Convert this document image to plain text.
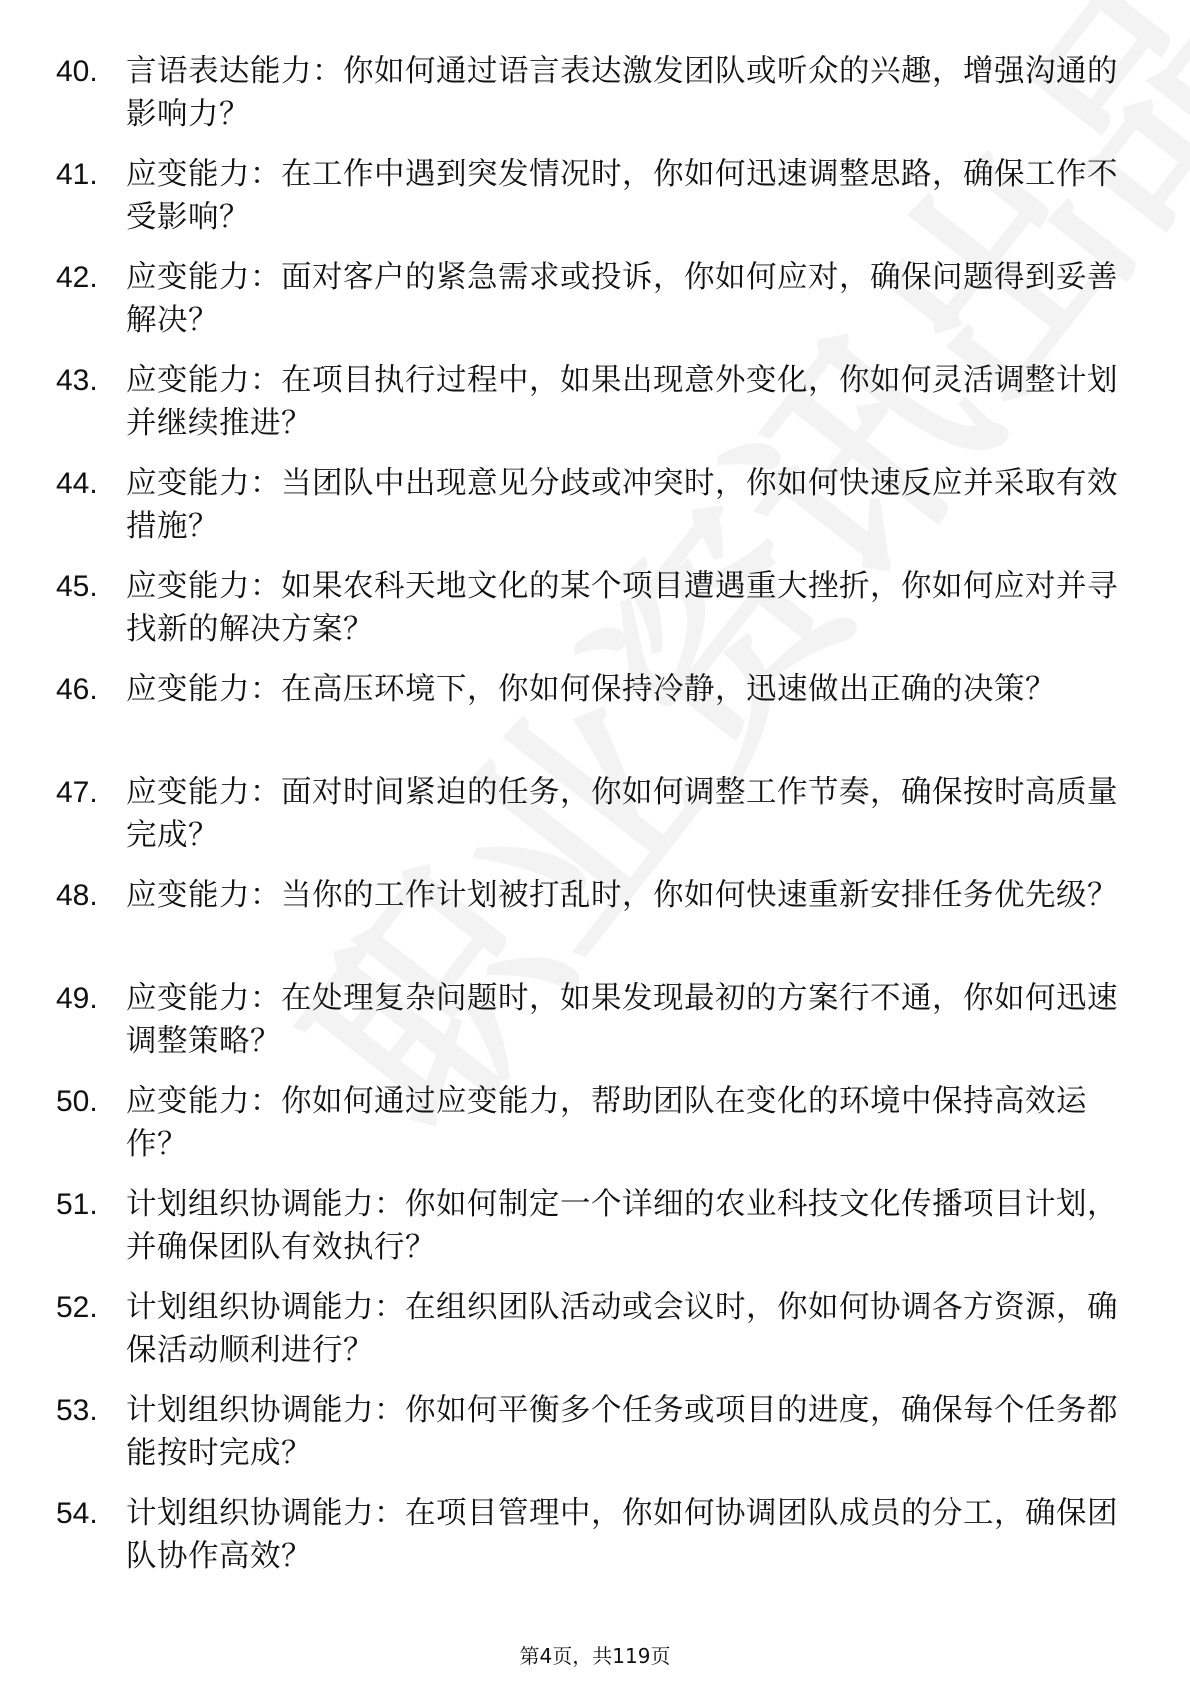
40. 言语表达能力：你如何通过语言表达激发团队或听众的兴趣，增强沟通的影响力？
41. 应变能力：在工作中遇到突发情况时，你如何迅速调整思路，确保工作不受影响？
42. 应变能力：面对客户的紧急需求或投诉，你如何应对，确保问题得到妥善解决？
43. 应变能力：在项目执行过程中，如果出现意外变化，你如何灵活调整计划并继续推进？
44. 应变能力：当团队中出现意见分歧或冲突时，你如何快速反应并采取有效措施？
45. 应变能力：如果农科天地文化的某个项目遭遇重大挫折，你如何应对并寻找新的解决方案？
46. 应变能力：在高压环境下，你如何保持冷静，迅速做出正确的决策？
47. 应变能力：面对时间紧迫的任务，你如何调整工作节奏，确保按时高质量完成？
48. 应变能力：当你的工作计划被打乱时，你如何快速重新安排任务优先级？
49. 应变能力：在处理复杂问题时，如果发现最初的方案行不通，你如何迅速调整策略？
50. 应变能力：你如何通过应变能力，帮助团队在变化的环境中保持高效运作？
51. 计划组织协调能力：你如何制定一个详细的农业科技文化传播项目计划，并确保团队有效执行？
52. 计划组织协调能力：在组织团队活动或会议时，你如何协调各方资源，确保活动顺利进行？
53. 计划组织协调能力：你如何平衡多个任务或项目的进度，确保每个任务都能按时完成？
54. 计划组织协调能力：在项目管理中，你如何协调团队成员的分工，确保团队协作高效？
第4页，共119页
